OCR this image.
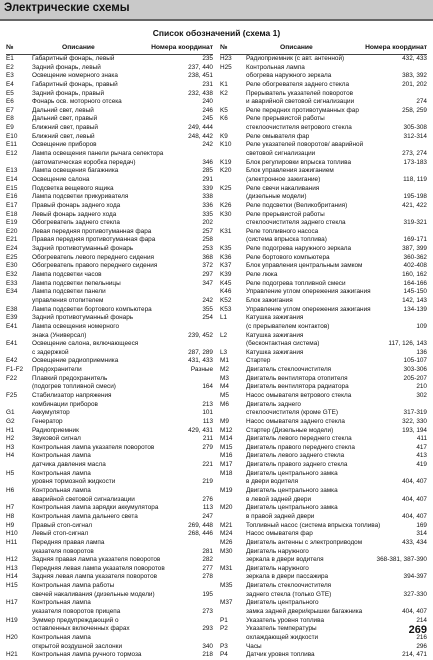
Электрические схемы
Список обозначений (схема 1)
№	Описание	Номера координат
E1	Габаритный фонарь, левый	235
E2	Задний фонарь, левый	237, 440
E3	Освещение номерного знака	238, 451
E4	Габаритный фонарь, правый	231
E5	Задний фонарь, правый	232, 438
E6	Фонарь осв. моторного отсека	240
E7	Дальний свет, левый	246
E8	Дальний свет, правый	245
E9	Ближний свет, правый	249, 444
E10 Ближний свет, левый	248, 442
E11 Освещение приборов	242
E12 Лампа освещения панели рычага селектора
(автоматическая коробка передач)	346
E13 Лампа освещения багажника	285
E14 Освещение салона	291
E15 Подсветка вещевого ящика	339
E16 Лампа подсветки прикуривателя	338
E17 Правый фонарь заднего хода	336
E18 Левый фонарь заднего хода	335
E19 Обогреватель заднего стекла	202
E20 Левая передняя противотуманная фара	257
E21 Правая передняя противотуманная фара	258
E24 Задний противотуманный фонарь	253
E25 Обогреватель левого переднего сидения	368
E30 Обогреватель правого переднего сидения	372
E32 Лампа подсветки часов	297
E33 Лампа подсветки пепельницы	347
E34 Лампа подсветки панели
управления отопителем	242
E38 Лампа подсветки бортового компьютера	355
E39 Задний противотуманный фонарь	254
E41 Лампа освещения номерного
знака (Универсал)	239, 452
E41 Освещение салона, включающееся
с задержкой	287, 289
E42 Освещение радиоприемника	431, 433
F1-F2 Предохранители	Разные
F22 Плавкий предохранитель
(подогрев топливной смеси)	164
F25 Стабилизатор напряжения
комбинации приборов	213
G1	Аккумулятор	101
G2	Генератор	113
H1	Радиоприемник	429, 431
H2	Звуковой сигнал	211
H3	Контрольная лампа указателя поворотов	279
H4	Контрольная лампа
датчика давления масла	221
H5	Контрольная лампа
уровня тормозной жидкости	219
H6	Контрольная лампа
аварийной световой сигнализации	276
H7	Контрольная лампа зарядки аккумулятора	113
H8	Контрольная лампа дальнего света	247
H9	Правый стоп-сигнал	269, 448
H10 Левый стоп-сигнал	268, 446
H11 Передняя правая лампа
указателя поворотов	281
H12 Задняя правая лампа указателя поворотов	282
H13 Передняя левая лампа указателя поворотов	277
H14 Задняя левая лампа указателя поворотов	278
H15 Контрольная лампа работы
свечей накаливания (дизельные модели)	195
H17 Контрольная лампа
указателя поворотов прицепа	273
H19 Зуммер предупреждающий о
оставленных включенных фарах	293
H20 Контрольная лампа
открытой воздушной заслонки	340
H21 Контрольная лампа ручного тормоза	218
№	Описание	Номера координат
H23 Радиоприемник (с авт. антенной)	432, 433
H25 Контрольная лампа
обогрева наружного зеркала	383, 392
K1	Реле обогревателя заднего стекла	201, 202
K2	Прерыватель указателей поворотов
и аварийной световой сигнализации	274
K5	Реле передних противотуманных фар	258, 259
K6	Реле прерывистой работы
стеклоочистителя ветрового стекла	305-308
K9	Реле омывателя фар	312-314
K10 Реле указателей поворотов/ аварийной
световой сигнализации	273, 274
K19 Блок регулировки впрыска топлива	173-183
K20 Блок управления зажиганием
(электронное зажигание)	118, 119
K25 Реле свечи накаливания
(дизельные модели)	195-198
K26 Реле подсветки (Великобритания)	421, 422
K30 Реле прерывистой работы
стеклоочистителя заднего стекла	319-321
K31 Реле топливного насоса
(система впрыска топлива)	169-171
K35 Реле подогрева наружного зеркала	387, 399
K36 Реле бортового компьютера	360-362
K37 Блок управления центральным замком	402-408
K39 Реле люка	160, 162
K45 Реле подогрева топливной смеси	164-166
K46 Управление углом опережения зажигания	145-150
K52 Блок зажигания	142, 143
K53 Управление углом опережения зажигания	134-139
L1	Катушка зажигания
(с прерывателем контактов)	109
L2	Катушка зажигания
(бесконтактная система)	117, 126, 143
L3	Катушка зажигания	136
M1	Стартер	105-107
M2	Двигатель стеклоочистителя	303-306
M3	Двигатель вентилятора отопителя	205-207
M4	Двигатель вентилятора радиатора	210
M5	Насос омывателя ветрового стекла	302
M6	Двигатель заднего
стеклоочистителя (кроме GTE)	317-319
M9	Насос омывателя заднего стекла	322, 330
M12 Стартер (Дизельные модели)	193, 194
M14 Двигатель левого переднего стекла	411
M15 Двигатель правого переднего стекла	417
M16 Двигатель левого заднего стекла	413
M17 Двигатель правого заднего стекла	419
M18 Двигатель центрального замка
в двери водителя	404, 407
M19 Двигатель центрального замка
в левой задней двери	404, 407
M20 Двигатель центрального замка
в правой задней двери	404, 407
M21 Топливный насос (система впрыска топлива)	169
M24 Насос омывателя фар	314
M26 Двигатель антенны с электроприводом	433, 434
M30 Двигатель наружного
зеркала в двери водителя	368-381, 387-390
M31 Двигатель наружного
зеркала в двери пассажира	394-397
M35 Двигатель стеклоочистителя
заднего стекла (только GTE)	327-330
M37 Двигатель центрального
замка задней двери/крышки багажника	404, 407
P1	Указатель уровня топлива	214
P2	Указатель температуры
охлаждающей жидкости	216
P3	Часы	296
P4	Датчик уровня топлива	214, 471
269
